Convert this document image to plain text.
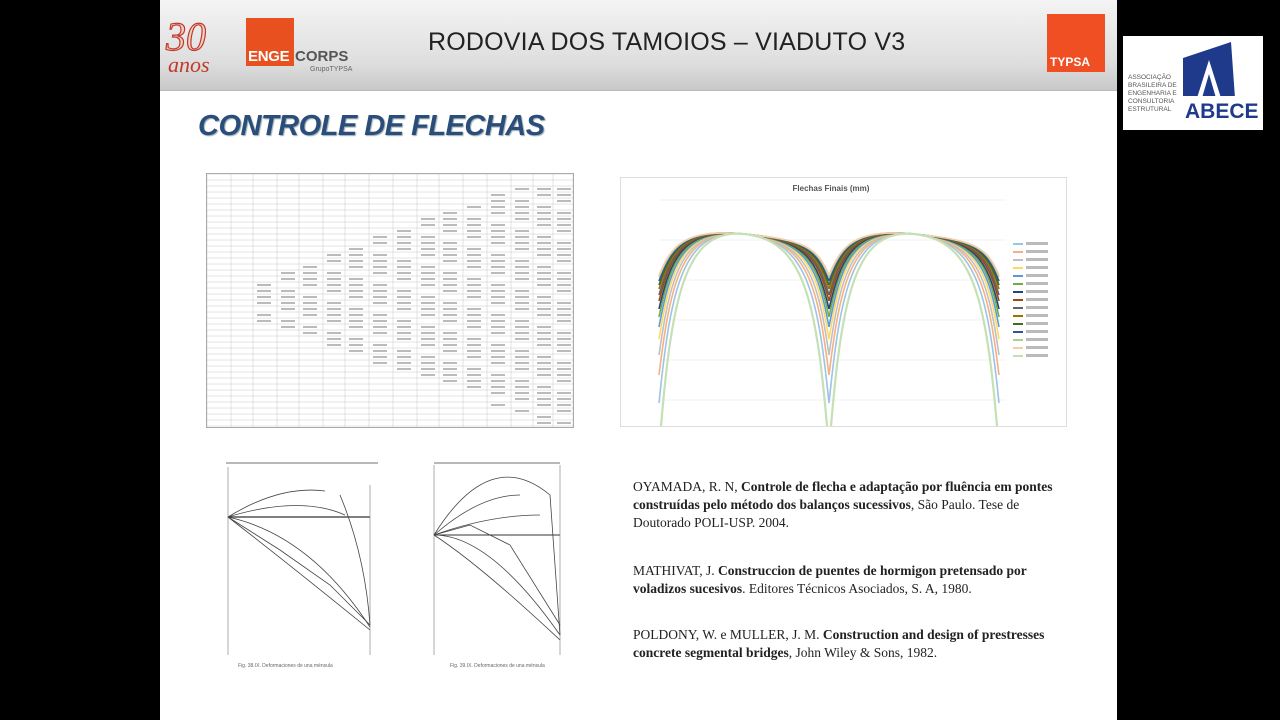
30
anos	ENGE CORPS
GrupoTYPSA
RODOVIA DOS TAMOIOS – VIADUTO V3
TYPSA
CONTROLE DE FLECHAS
Flechas Finais (mm)
Fig. 38.IX. Deformaciones de una ménsula	Fig. 39.IX. Deformaciones de una ménsula
OYAMADA, R. N, Controle de flecha e adaptação por fluência em pontes construídas pelo método dos balanços sucessivos, São Paulo. Tese de Doutorado POLI-USP. 2004.
MATHIVAT, J. Construccion de puentes de hormigon pretensado por voladizos sucesivos. Editores Técnicos Asociados, S. A, 1980.
POLDONY, W. e MULLER, J. M. Construction and design of prestresses concrete segmental bridges, John Wiley & Sons, 1982.
ASSOCIAÇÃO BRASILEIRA DE ENGENHARIA E CONSULTORIA ESTRUTURAL ABECE
